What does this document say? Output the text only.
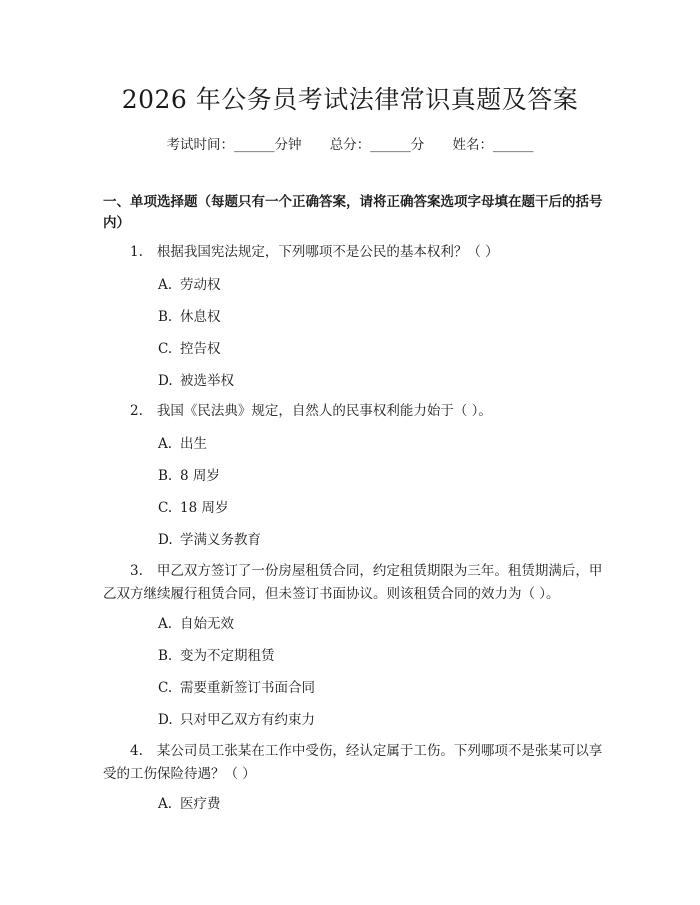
2026 年公务员考试法律常识真题及答案
考试时间：______分钟 总分：______分 姓名：______
一、单项选择题（每题只有一个正确答案，请将正确答案选项字母填在题干后的括号内）
1. 根据我国宪法规定，下列哪项不是公民的基本权利？（ ）
A. 劳动权
B. 休息权
C. 控告权
D. 被选举权
2. 我国《民法典》规定，自然人的民事权利能力始于（ ）。
A. 出生
B. 8 周岁
C. 18 周岁
D. 学满义务教育
3. 甲乙双方签订了一份房屋租赁合同，约定租赁期限为三年。租赁期满后，甲乙双方继续履行租赁合同，但未签订书面协议。则该租赁合同的效力为（ ）。
A. 自始无效
B. 变为不定期租赁
C. 需要重新签订书面合同
D. 只对甲乙双方有约束力
4. 某公司员工张某在工作中受伤，经认定属于工伤。下列哪项不是张某可以享受的工伤保险待遇？（ ）
A. 医疗费
